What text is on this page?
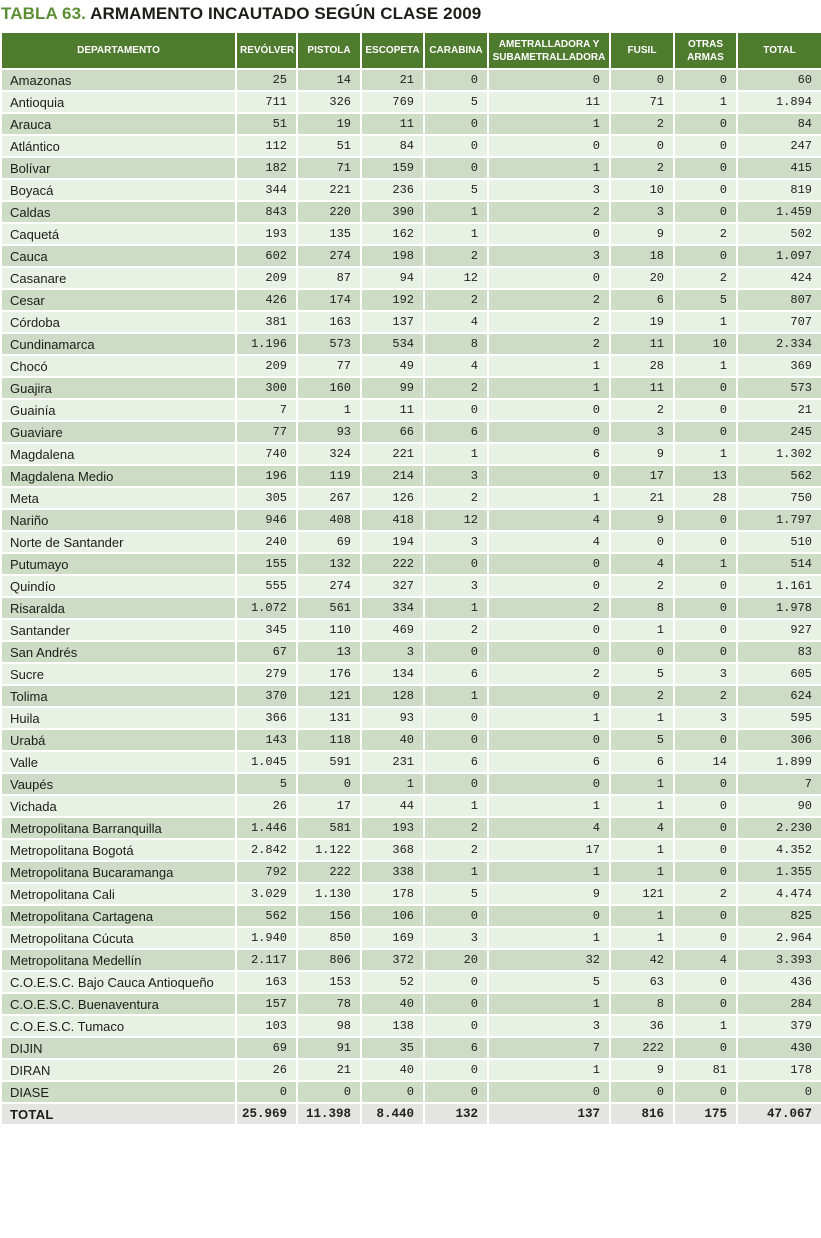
TABLA 63. ARMAMENTO INCAUTADO SEGÚN CLASE 2009
DEPARTAMENTO	REVÓLVER	PISTOLA	ESCOPETA	CARABINA	AMETRALLADORA Y SUBAMETRALLADORA	FUSIL	OTRAS ARMAS	TOTAL
Amazonas	25	14	21	0	0	0	0	60
Antioquia	711	326	769	5	11	71	1	1.894
Arauca	51	19	11	0	1	2	0	84
Atlántico	112	51	84	0	0	0	0	247
Bolívar	182	71	159	0	1	2	0	415
Boyacá	344	221	236	5	3	10	0	819
Caldas	843	220	390	1	2	3	0	1.459
Caquetá	193	135	162	1	0	9	2	502
Cauca	602	274	198	2	3	18	0	1.097
Casanare	209	87	94	12	0	20	2	424
Cesar	426	174	192	2	2	6	5	807
Córdoba	381	163	137	4	2	19	1	707
Cundinamarca	1.196	573	534	8	2	11	10	2.334
Chocó	209	77	49	4	1	28	1	369
Guajira	300	160	99	2	1	11	0	573
Guainía	7	1	11	0	0	2	0	21
Guaviare	77	93	66	6	0	3	0	245
Magdalena	740	324	221	1	6	9	1	1.302
Magdalena Medio	196	119	214	3	0	17	13	562
Meta	305	267	126	2	1	21	28	750
Nariño	946	408	418	12	4	9	0	1.797
Norte de Santander	240	69	194	3	4	0	0	510
Putumayo	155	132	222	0	0	4	1	514
Quindío	555	274	327	3	0	2	0	1.161
Risaralda	1.072	561	334	1	2	8	0	1.978
Santander	345	110	469	2	0	1	0	927
San Andrés	67	13	3	0	0	0	0	83
Sucre	279	176	134	6	2	5	3	605
Tolima	370	121	128	1	0	2	2	624
Huila	366	131	93	0	1	1	3	595
Urabá	143	118	40	0	0	5	0	306
Valle	1.045	591	231	6	6	6	14	1.899
Vaupés	5	0	1	0	0	1	0	7
Vichada	26	17	44	1	1	1	0	90
Metropolitana Barranquilla	1.446	581	193	2	4	4	0	2.230
Metropolitana Bogotá	2.842	1.122	368	2	17	1	0	4.352
Metropolitana Bucaramanga	792	222	338	1	1	1	0	1.355
Metropolitana Cali	3.029	1.130	178	5	9	121	2	4.474
Metropolitana Cartagena	562	156	106	0	0	1	0	825
Metropolitana Cúcuta	1.940	850	169	3	1	1	0	2.964
Metropolitana Medellín	2.117	806	372	20	32	42	4	3.393
C.O.E.S.C. Bajo Cauca Antioqueño	163	153	52	0	5	63	0	436
C.O.E.S.C. Buenaventura	157	78	40	0	1	8	0	284
C.O.E.S.C. Tumaco	103	98	138	0	3	36	1	379
DIJIN	69	91	35	6	7	222	0	430
DIRAN	26	21	40	0	1	9	81	178
DIASE	0	0	0	0	0	0	0	0
TOTAL	25.969	11.398	8.440	132	137	816	175	47.067
